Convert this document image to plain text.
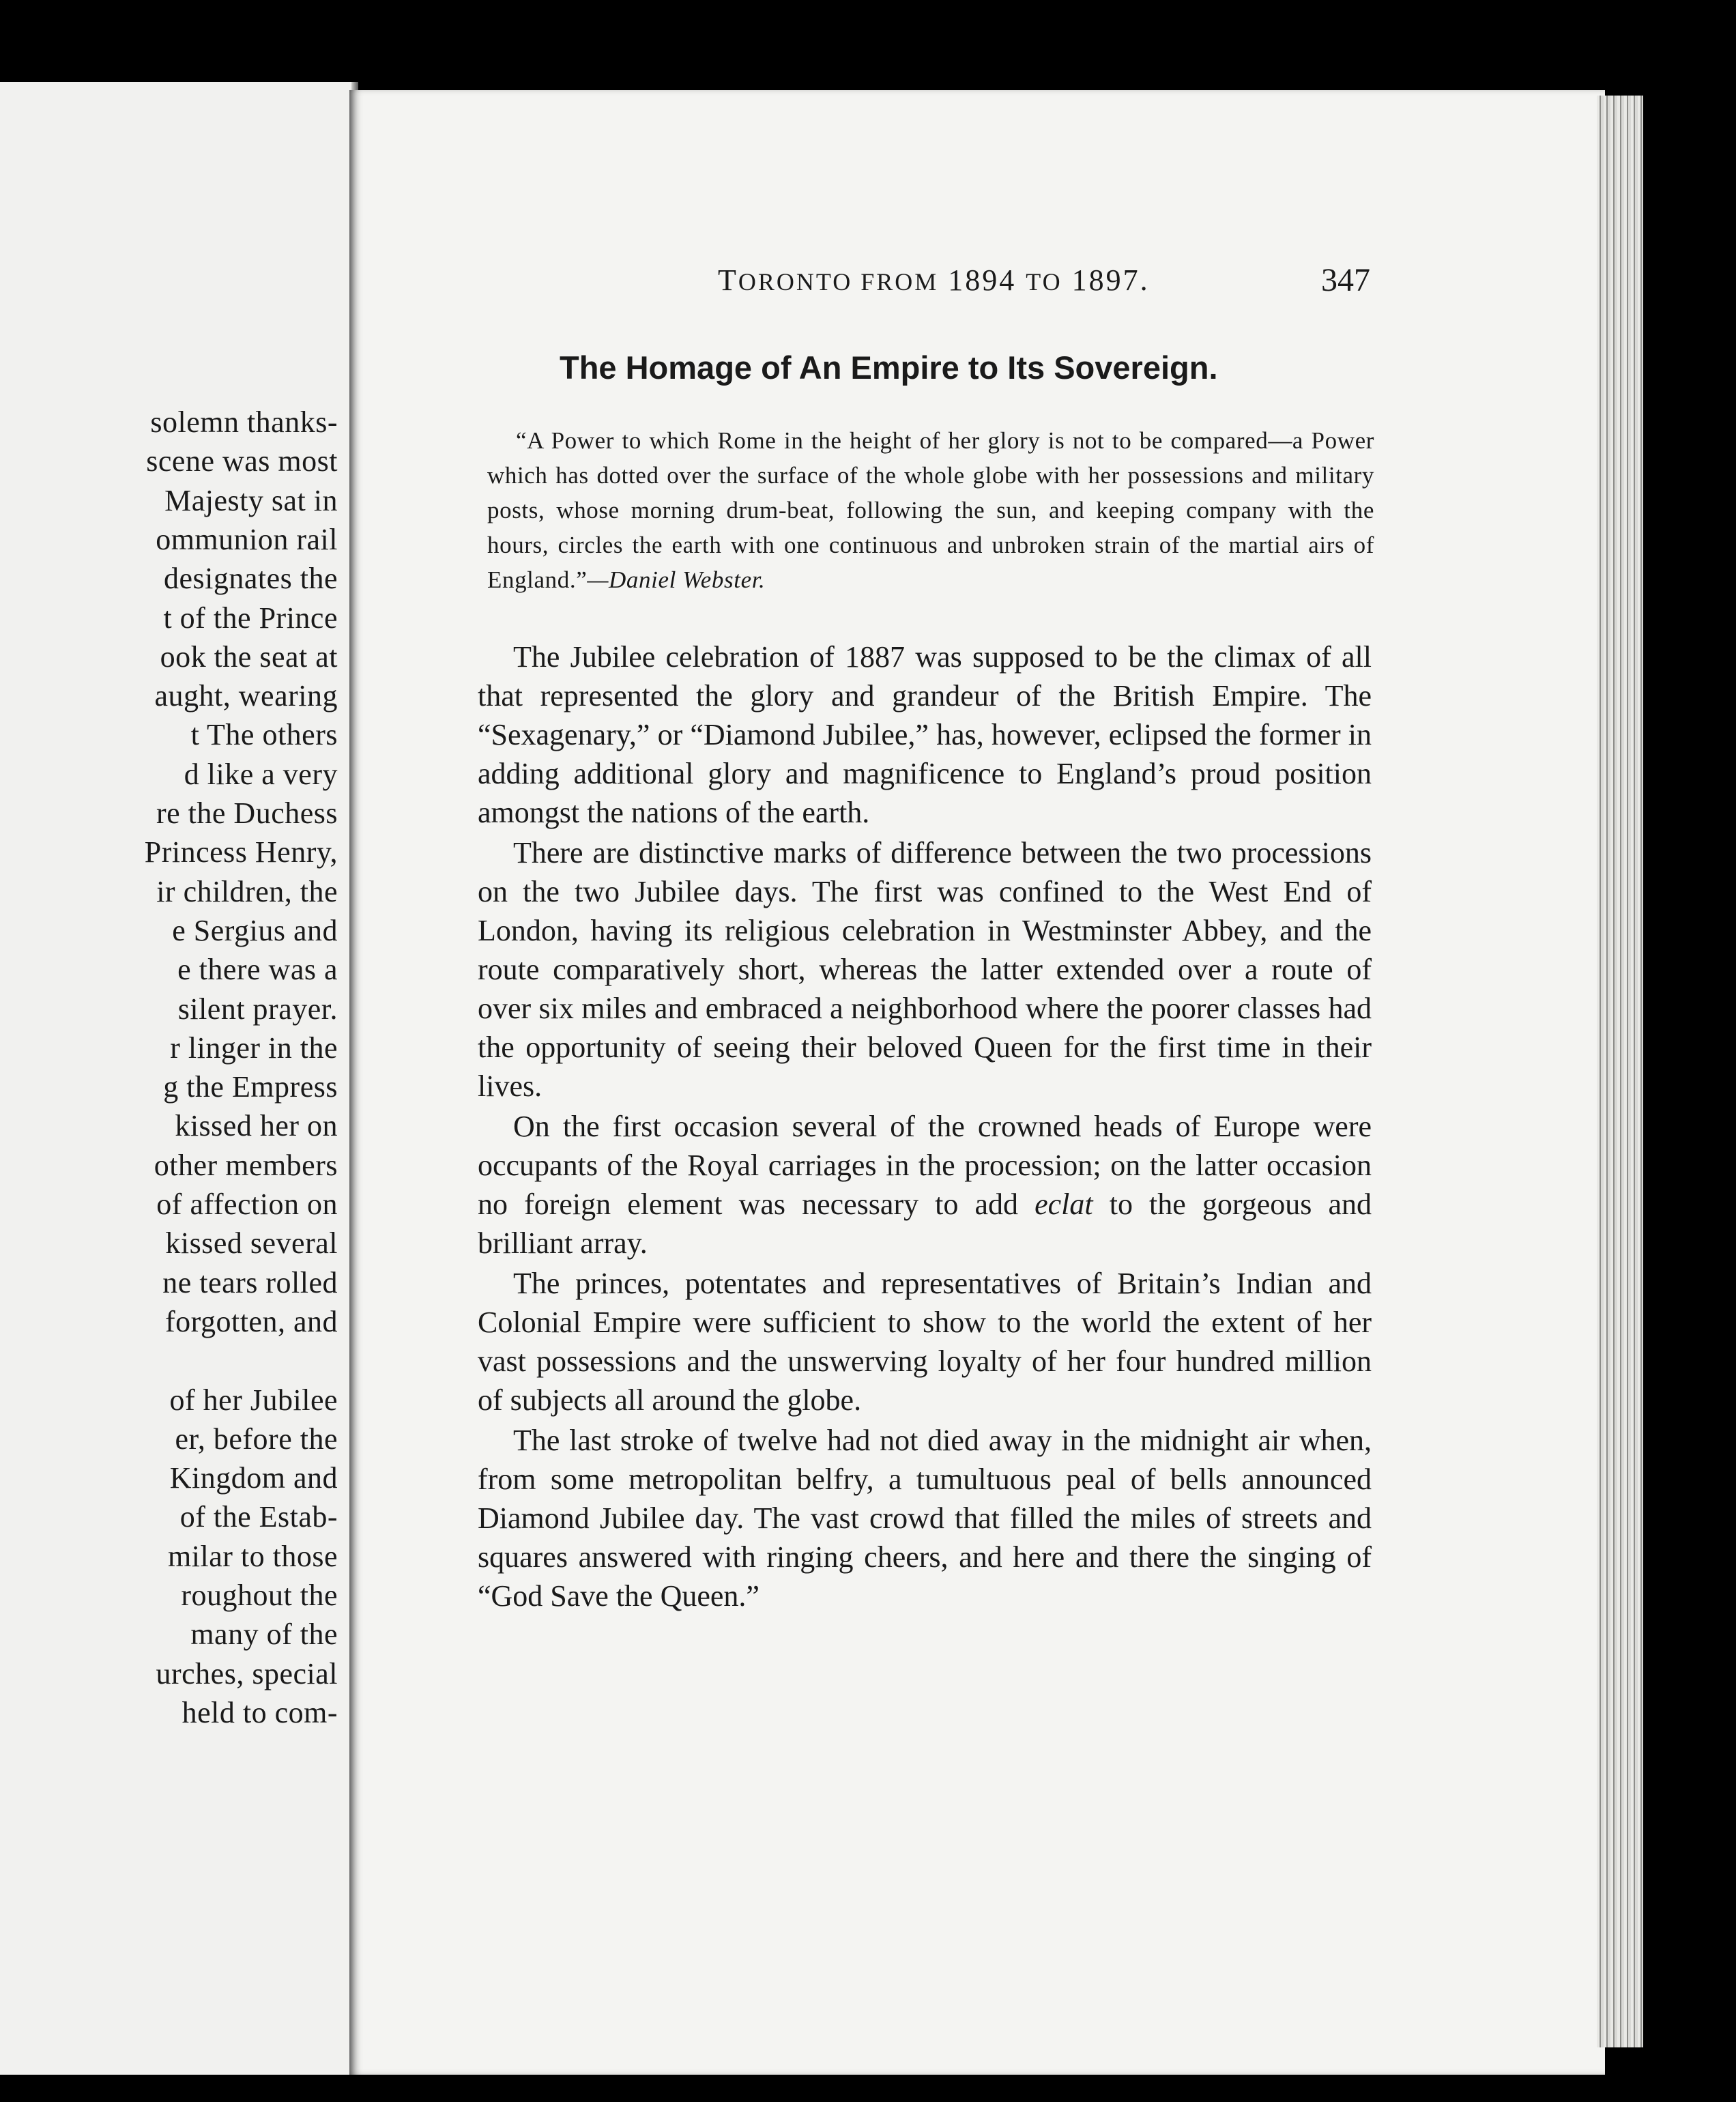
solemn thanks-
scene was most
Majesty sat in
ommunion rail
designates the
t of the Prince
ook the seat at
aught, wearing
t The others
d like a very
re the Duchess
Princess Henry,
ir children, the
e Sergius and
e there was a
silent prayer.
r linger in the
g the Empress
kissed her on
other members
of affection on
kissed several
ne tears rolled
forgotten, and
of her Jubilee
er, before the
Kingdom and
of the Estab-
milar to those
roughout the
many of the
urches, special
held to com-
TORONTO FROM 1894 TO 1897.	347
The Homage of An Empire to Its Sovereign.
“A Power to which Rome in the height of her glory is not to be compared—a Power which has dotted over the surface of the whole globe with her possessions and military posts, whose morning drum-beat, following the sun, and keeping company with the hours, circles the earth with one continuous and unbroken strain of the martial airs of England.”—Daniel Webster.

The Jubilee celebration of 1887 was supposed to be the climax of all that represented the glory and grandeur of the British Empire. The “Sexagenary,” or “Diamond Jubilee,” has, however, eclipsed the former in adding additional glory and magnificence to England’s proud position amongst the nations of the earth.

There are distinctive marks of difference between the two processions on the two Jubilee days. The first was confined to the West End of London, having its religious celebration in Westminster Abbey, and the route comparatively short, whereas the latter extended over a route of over six miles and embraced a neighborhood where the poorer classes had the opportunity of seeing their beloved Queen for the first time in their lives.

On the first occasion several of the crowned heads of Europe were occupants of the Royal carriages in the procession; on the latter occasion no foreign element was necessary to add eclat to the gorgeous and brilliant array.

The princes, potentates and representatives of Britain’s Indian and Colonial Empire were sufficient to show to the world the extent of her vast possessions and the unswerving loyalty of her four hundred million of subjects all around the globe.

The last stroke of twelve had not died away in the midnight air when, from some metropolitan belfry, a tumultuous peal of bells announced Diamond Jubilee day. The vast crowd that filled the miles of streets and squares answered with ringing cheers, and here and there the singing of “God Save the Queen.”
